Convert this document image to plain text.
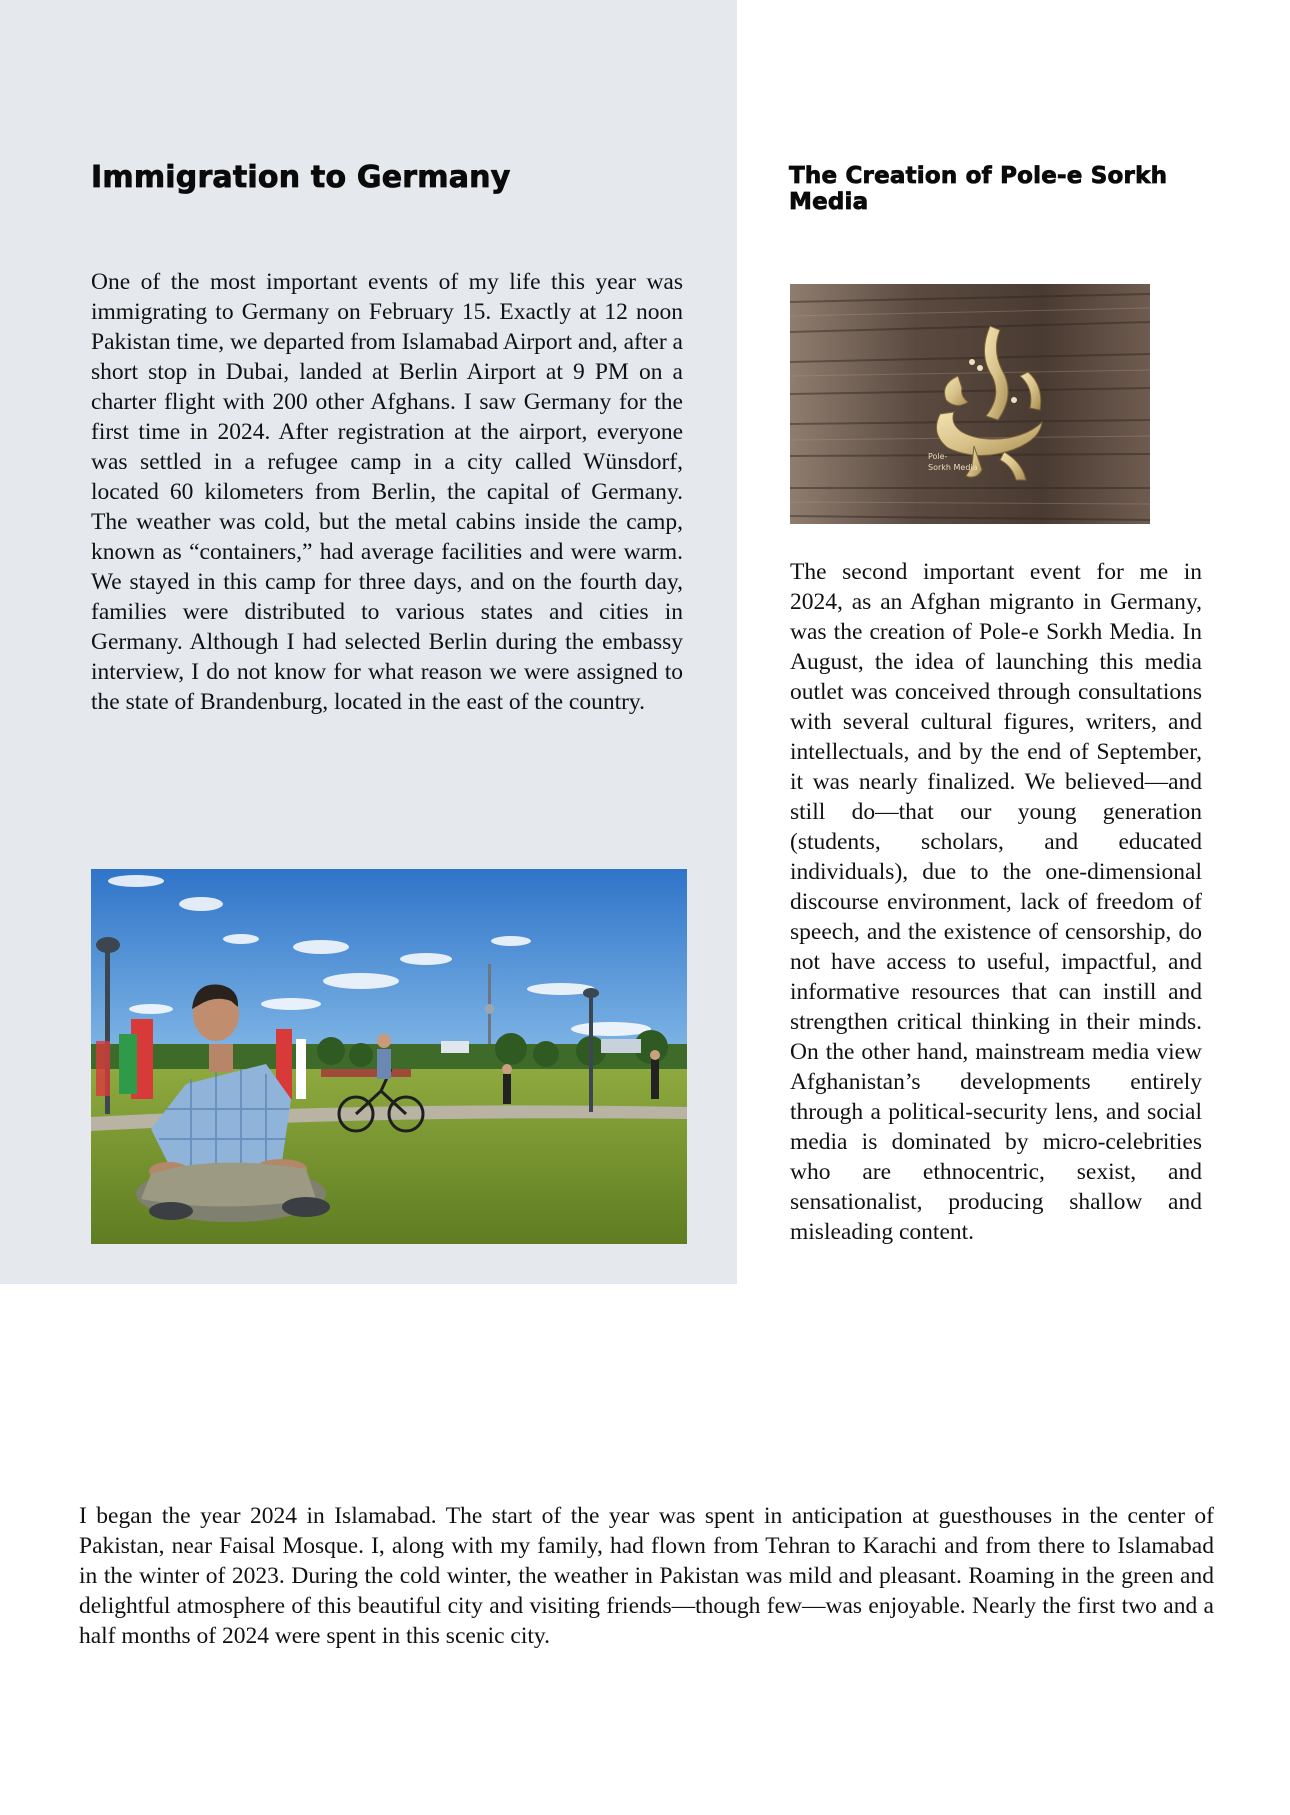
Immigration to Germany

One of the most important events of my life this year was immigrating to Germany on February 15. Exactly at 12 noon Pakistan time, we departed from Islamabad Airport and, after a short stop in Dubai, landed at Berlin Airport at 9 PM on a charter flight with 200 other Afghans. I saw Germany for the first time in 2024. After registration at the airport, everyone was settled in a refugee camp in a city called Wünsdorf, located 60 kilometers from Berlin, the capital of Germany. The weather was cold, but the metal cabins inside the camp, known as “containers,” had average facilities and were warm. We stayed in this camp for three days, and on the fourth day, families were distributed to various states and cities in Germany. Although I had selected Berlin during the embassy interview, I do not know for what reason we were assigned to the state of Brandenburg, located in the east of the country.

The Creation of Pole-e Sorkh Media
Pole-
Sorkh Media

The second important event for me in 2024, as an Afghan migranto in Germany, was the creation of Pole-e Sorkh Media. In August, the idea of launching this media outlet was conceived through consultations with several cultural figures, writers, and intellectuals, and by the end of September, it was nearly finalized. We believed—and still do—that our young generation (students, scholars, and educated individuals), due to the one-dimensional discourse environment, lack of freedom of speech, and the existence of censorship, do not have access to useful, impactful, and informative resources that can instill and strengthen critical thinking in their minds. On the other hand, mainstream media view Afghanistan’s developments entirely through a political-security lens, and social media is dominated by micro-celebrities who are ethnocentric, sexist, and sensationalist, producing shallow and misleading content.

I began the year 2024 in Islamabad. The start of the year was spent in anticipation at guesthouses in the center of Pakistan, near Faisal Mosque. I, along with my family, had flown from Tehran to Karachi and from there to Islamabad in the winter of 2023. During the cold winter, the weather in Pakistan was mild and pleasant. Roaming in the green and delightful atmosphere of this beautiful city and visiting friends—though few—was enjoyable. Nearly the first two and a half months of 2024 were spent in this scenic city.
